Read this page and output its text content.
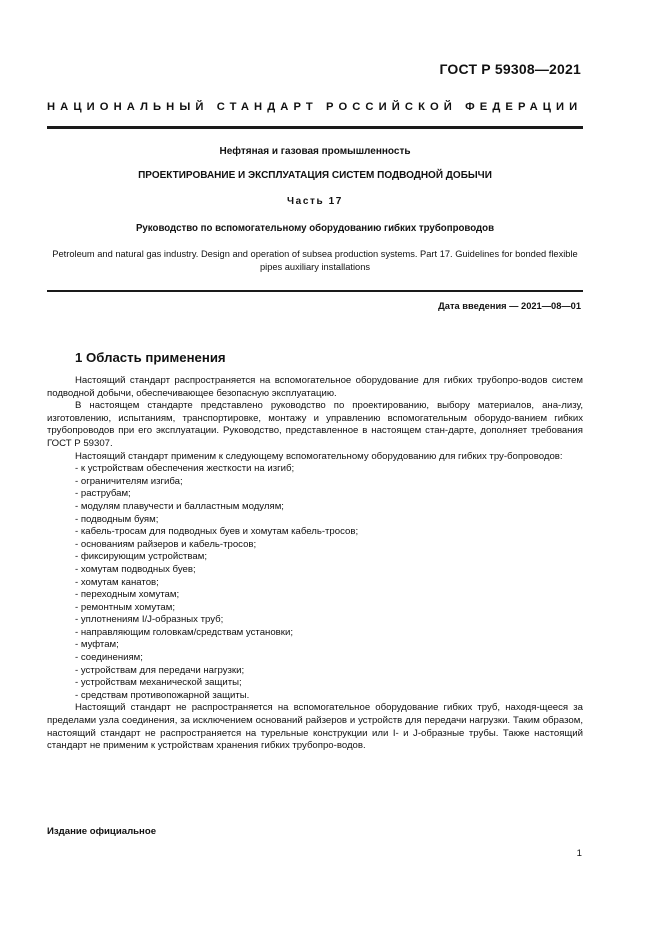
ГОСТ Р 59308—2021
НАЦИОНАЛЬНЫЙ СТАНДАРТ РОССИЙСКОЙ ФЕДЕРАЦИИ
Нефтяная и газовая промышленность
ПРОЕКТИРОВАНИЕ И ЭКСПЛУАТАЦИЯ СИСТЕМ ПОДВОДНОЙ ДОБЫЧИ
Часть 17
Руководство по вспомогательному оборудованию гибких трубопроводов
Petroleum and natural gas industry. Design and operation of subsea production systems. Part 17. Guidelines for bonded flexible pipes auxiliary installations
Дата введения — 2021—08—01
1 Область применения

Настоящий стандарт распространяется на вспомогательное оборудование для гибких трубопро-водов систем подводной добычи, обеспечивающее безопасную эксплуатацию.

В настоящем стандарте представлено руководство по проектированию, выбору материалов, ана-лизу, изготовлению, испытаниям, транспортировке, монтажу и управлению вспомогательным оборудо-ванием гибких трубопроводов при его эксплуатации. Руководство, представленное в настоящем стан-дарте, дополняет требования ГОСТ Р 59307.

Настоящий стандарт применим к следующему вспомогательному оборудованию для гибких тру-бопроводов:

- к устройствам обеспечения жесткости на изгиб;
- ограничителям изгиба;
- раструбам;
- модулям плавучести и балластным модулям;
- подводным буям;
- кабель-тросам для подводных буев и хомутам кабель-тросов;
- основаниям райзеров и кабель-тросов;
- фиксирующим устройствам;
- хомутам подводных буев;
- хомутам канатов;
- переходным хомутам;
- ремонтным хомутам;
- уплотнениям I/J-образных труб;
- направляющим головкам/средствам установки;
- муфтам;
- соединениям;
- устройствам для передачи нагрузки;
- устройствам механической защиты;
- средствам противопожарной защиты.

Настоящий стандарт не распространяется на вспомогательное оборудование гибких труб, находя-щееся за пределами узла соединения, за исключением оснований райзеров и устройств для передачи нагрузки. Таким образом, настоящий стандарт не распространяется на турельные конструкции или I- и J-образные трубы. Также настоящий стандарт не применим к устройствам хранения гибких трубопро-водов.

Издание официальное
1
